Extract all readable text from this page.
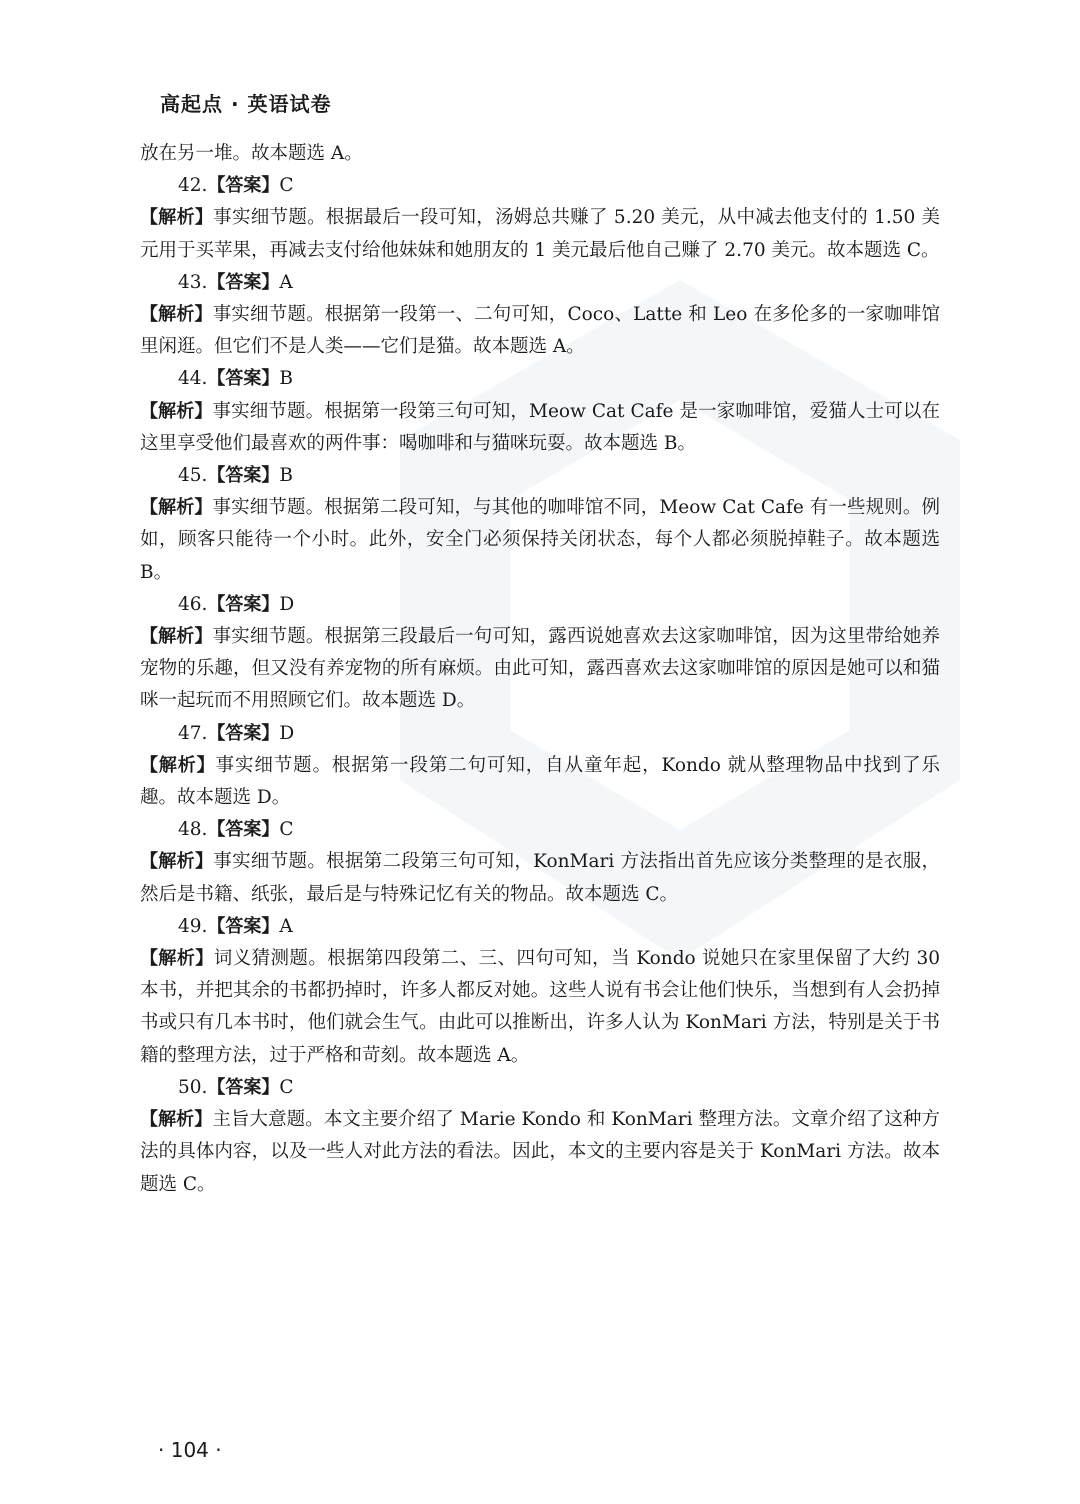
高起点 · 英语试卷

放在另一堆。故本题选 A。

42.【答案】C

【解析】事实细节题。根据最后一段可知，汤姆总共赚了 5.20 美元，从中减去他支付的 1.50 美元用于买苹果，再减去支付给他妹妹和她朋友的 1 美元最后他自己赚了 2.70 美元。故本题选 C。

43.【答案】A

【解析】事实细节题。根据第一段第一、二句可知，Coco、Latte 和 Leo 在多伦多的一家咖啡馆里闲逛。但它们不是人类——它们是猫。故本题选 A。

44.【答案】B

【解析】事实细节题。根据第一段第三句可知，Meow Cat Cafe 是一家咖啡馆，爱猫人士可以在这里享受他们最喜欢的两件事：喝咖啡和与猫咪玩耍。故本题选 B。

45.【答案】B

【解析】事实细节题。根据第二段可知，与其他的咖啡馆不同，Meow Cat Cafe 有一些规则。例如，顾客只能待一个小时。此外，安全门必须保持关闭状态，每个人都必须脱掉鞋子。故本题选 B。

46.【答案】D

【解析】事实细节题。根据第三段最后一句可知，露西说她喜欢去这家咖啡馆，因为这里带给她养宠物的乐趣，但又没有养宠物的所有麻烦。由此可知，露西喜欢去这家咖啡馆的原因是她可以和猫咪一起玩而不用照顾它们。故本题选 D。

47.【答案】D

【解析】事实细节题。根据第一段第二句可知，自从童年起，Kondo 就从整理物品中找到了乐趣。故本题选 D。

48.【答案】C

【解析】事实细节题。根据第二段第三句可知，KonMari 方法指出首先应该分类整理的是衣服，然后是书籍、纸张，最后是与特殊记忆有关的物品。故本题选 C。

49.【答案】A

【解析】词义猜测题。根据第四段第二、三、四句可知，当 Kondo 说她只在家里保留了大约 30 本书，并把其余的书都扔掉时，许多人都反对她。这些人说有书会让他们快乐，当想到有人会扔掉书或只有几本书时，他们就会生气。由此可以推断出，许多人认为 KonMari 方法，特别是关于书籍的整理方法，过于严格和苛刻。故本题选 A。

50.【答案】C

【解析】主旨大意题。本文主要介绍了 Marie Kondo 和 KonMari 整理方法。文章介绍了这种方法的具体内容，以及一些人对此方法的看法。因此，本文的主要内容是关于 KonMari 方法。故本题选 C。

· 104 ·
